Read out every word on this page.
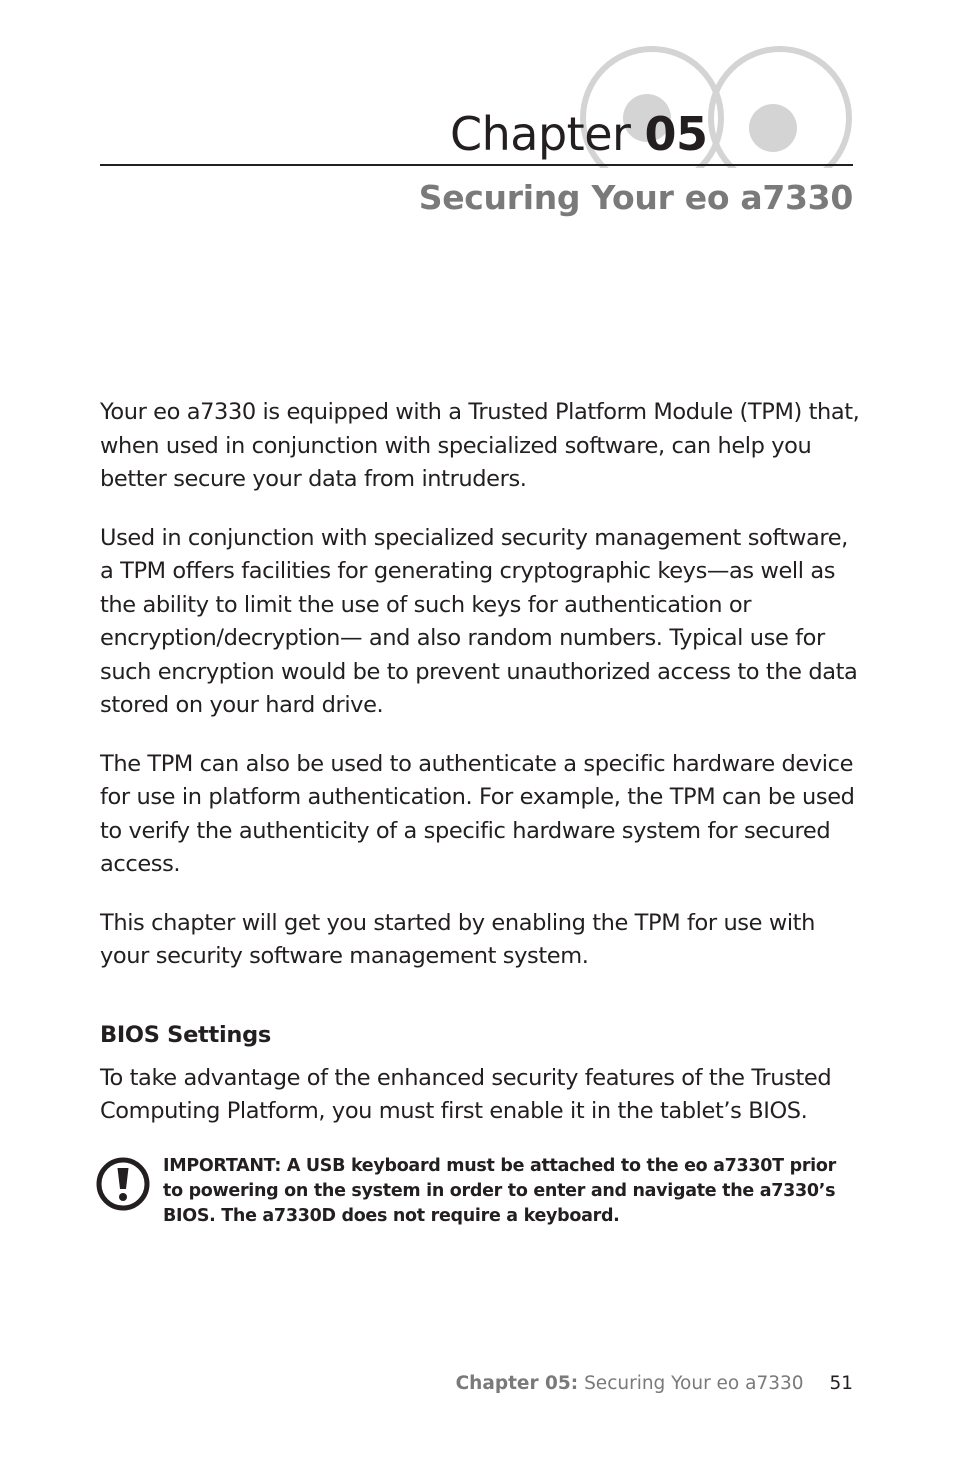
Chapter 05
Securing Your eo a7330

Your eo a7330 is equipped with a Trusted Platform Module (TPM) that, when used in conjunction with specialized software, can help you better secure your data from intruders.

Used in conjunction with specialized security management software, a TPM offers facilities for generating cryptographic keys—as well as the ability to limit the use of such keys for authentication or encryption/decryption— and also random numbers. Typical use for such encryption would be to prevent unauthorized access to the data stored on your hard drive.

The TPM can also be used to authenticate a specific hardware device for use in platform authentication. For example, the TPM can be used to verify the authenticity of a specific hardware system for secured access.

This chapter will get you started by enabling the TPM for use with your security software management system.

BIOS Settings

To take advantage of the enhanced security features of the Trusted Computing Platform, you must first enable it in the tablet’s BIOS.

IMPORTANT: A USB keyboard must be attached to the eo a7330T prior to powering on the system in order to enter and navigate the a7330’s BIOS. The a7330D does not require a keyboard.
Chapter 05: Securing Your eo a7330 51
